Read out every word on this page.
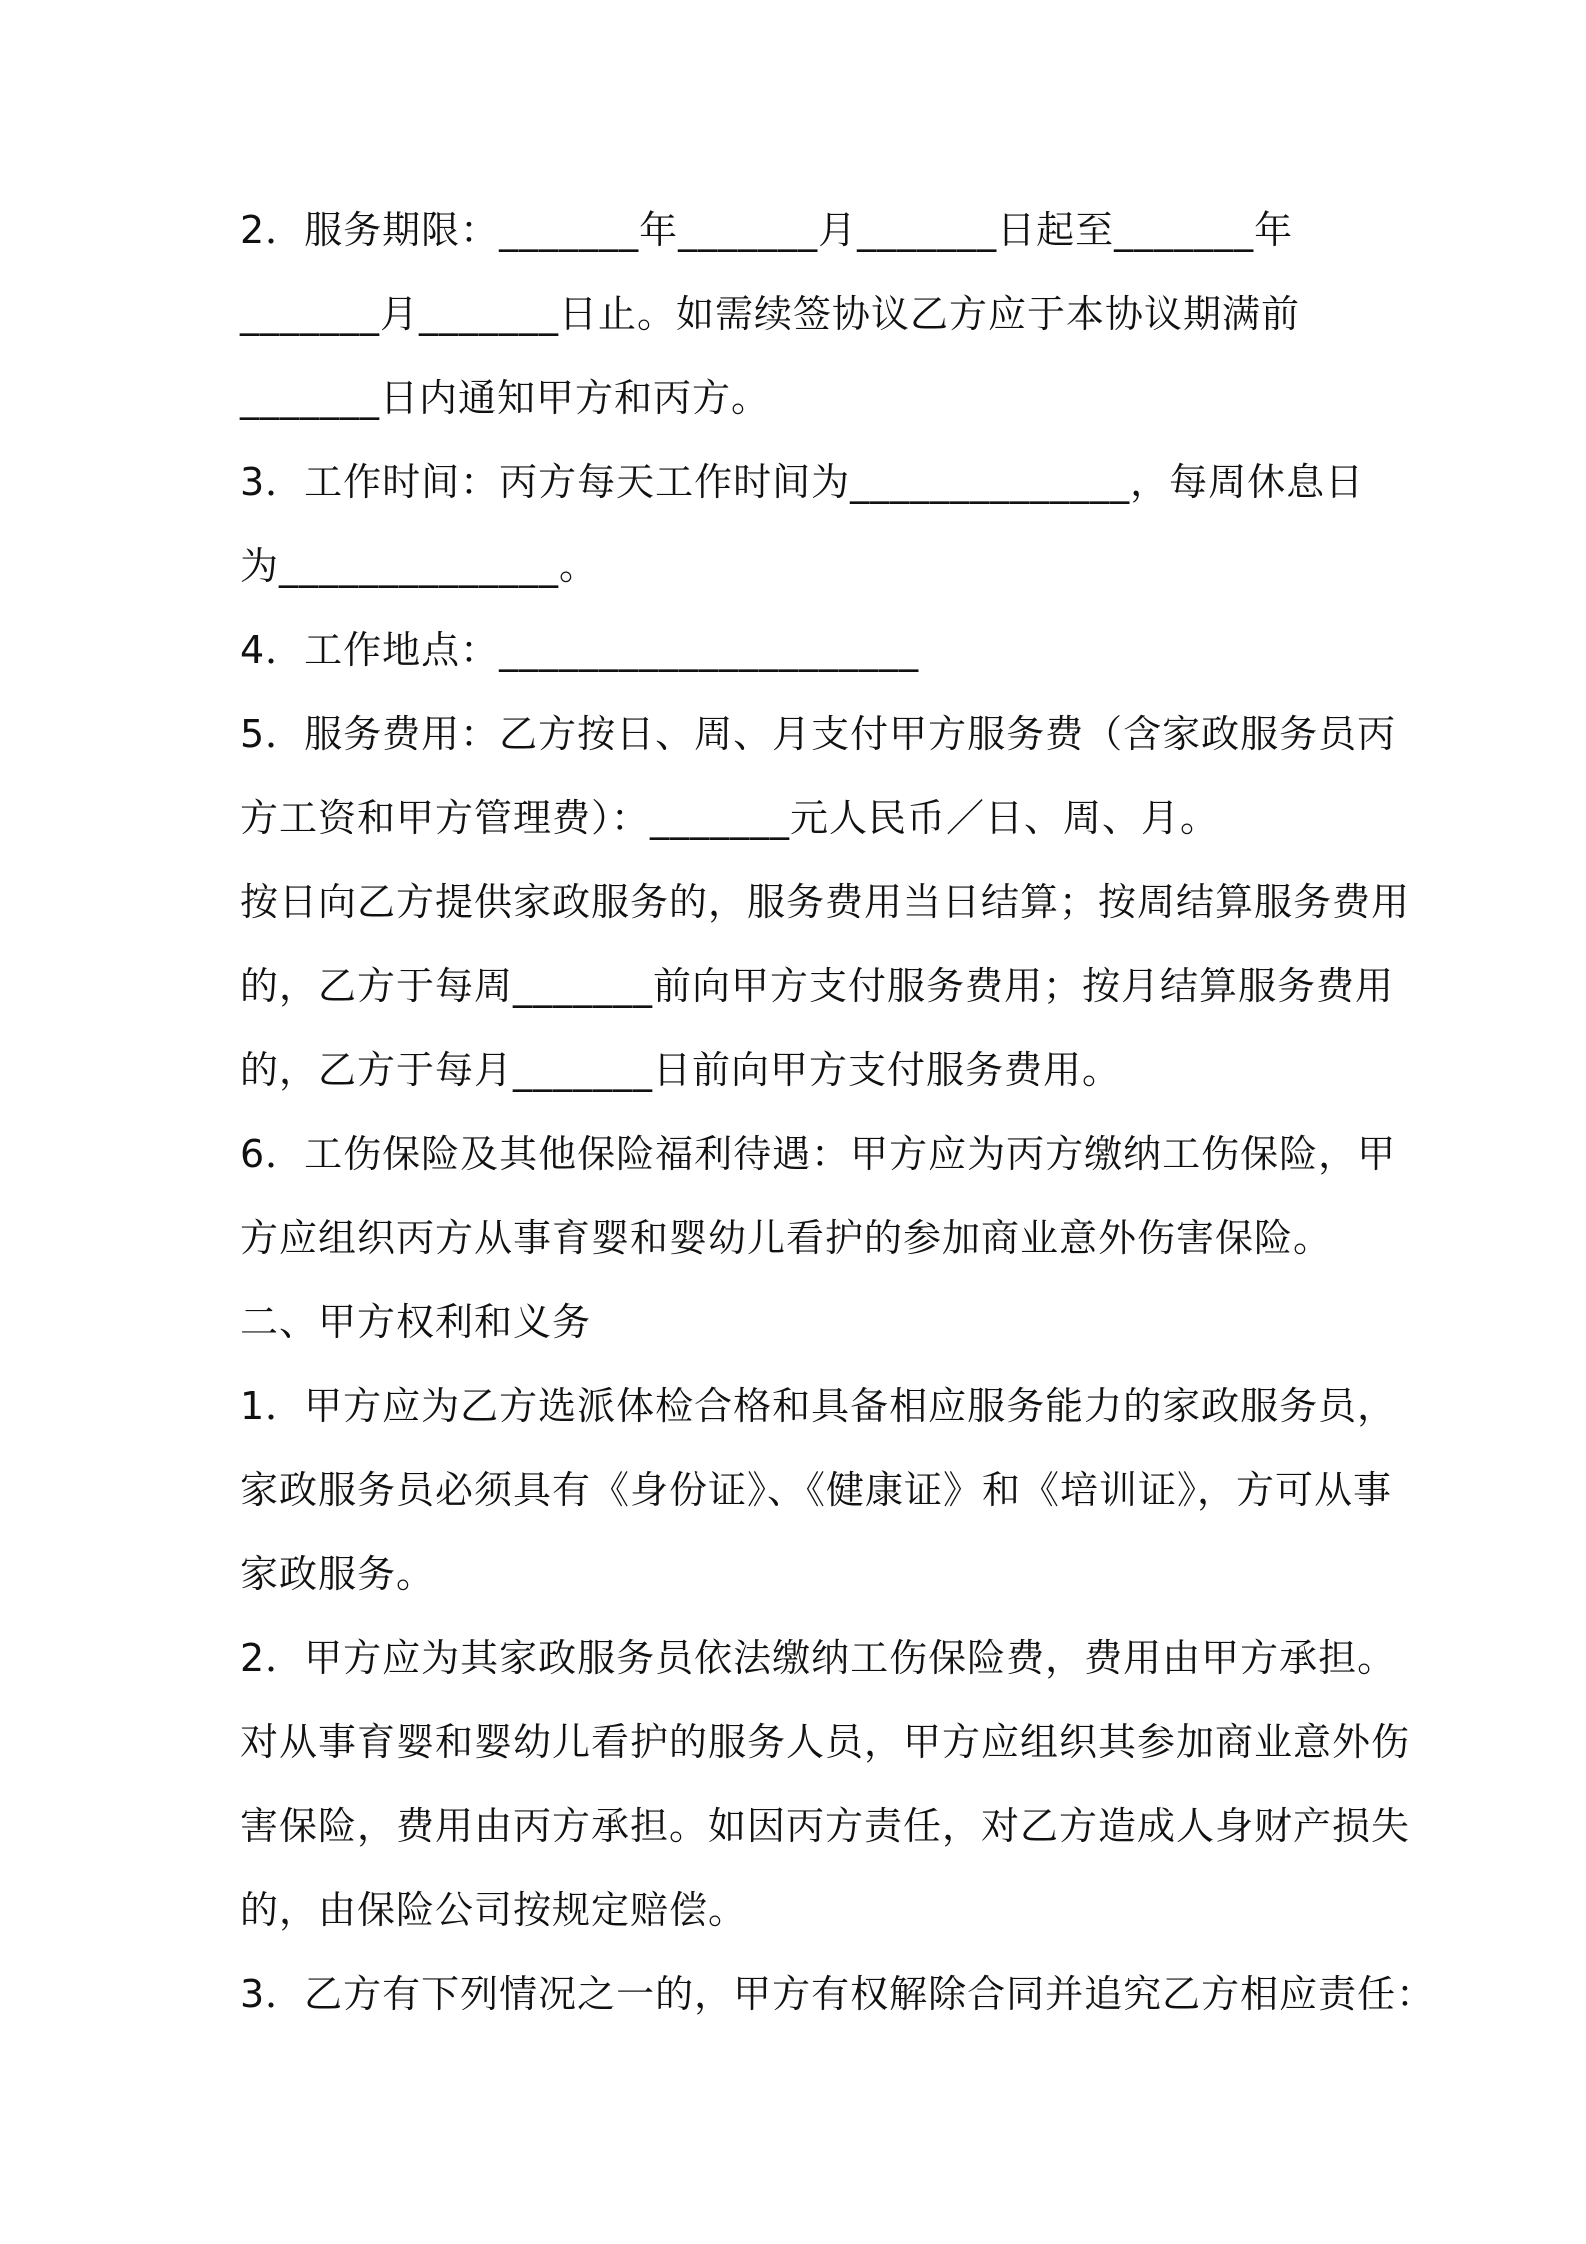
2．服务期限：_______年_______月_______日起至_______年
_______月_______日止。如需续签协议乙方应于本协议期满前
_______日内通知甲方和丙方。
3．工作时间：丙方每天工作时间为______________，每周休息日
为______________。
4．工作地点：_____________________
5．服务费用：乙方按日、周、月支付甲方服务费（含家政服务员丙
方工资和甲方管理费）：_______元人民币／日、周、月。
按日向乙方提供家政服务的，服务费用当日结算；按周结算服务费用
的，乙方于每周_______前向甲方支付服务费用；按月结算服务费用
的，乙方于每月_______日前向甲方支付服务费用。
6．工伤保险及其他保险福利待遇：甲方应为丙方缴纳工伤保险，甲
方应组织丙方从事育婴和婴幼儿看护的参加商业意外伤害保险。
二、甲方权利和义务
1．甲方应为乙方选派体检合格和具备相应服务能力的家政服务员，
家政服务员必须具有《身份证》、《健康证》和《培训证》，方可从事
家政服务。
2．甲方应为其家政服务员依法缴纳工伤保险费，费用由甲方承担。
对从事育婴和婴幼儿看护的服务人员，甲方应组织其参加商业意外伤
害保险，费用由丙方承担。如因丙方责任，对乙方造成人身财产损失
的，由保险公司按规定赔偿。
3．乙方有下列情况之一的，甲方有权解除合同并追究乙方相应责任：
